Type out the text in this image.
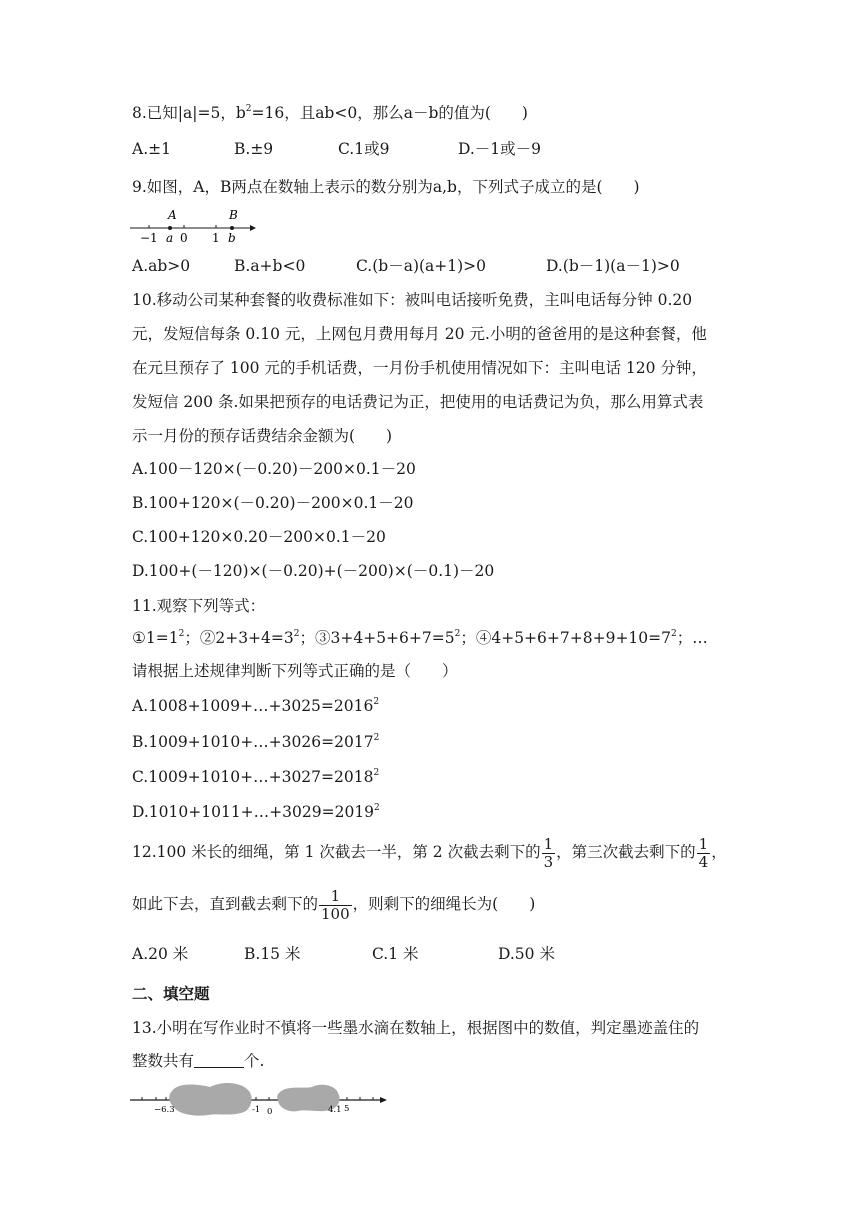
8.已知|a|=5，$b^2=16$，且ab<0，那么a－b的值为(　　)
A.±1	B.±9	C.1或9	D.－1或－9
9.如图，A，B两点在数轴上表示的数分别为a,b，下列式子成立的是(　　)
A	B
−1 a 0 1 b
A.ab>0	B.a+b<0	C.(b－a)(a+1)>0	D.(b－1)(a－1)>0
10.移动公司某种套餐的收费标准如下：被叫电话接听免费，主叫电话每分钟 0.20
元，发短信每条 0.10 元，上网包月费用每月 20 元.小明的爸爸用的是这种套餐，他
在元旦预存了 100 元的手机话费，一月份手机使用情况如下：主叫电话 120 分钟，
发短信 200 条.如果把预存的电话费记为正，把使用的电话费记为负，那么用算式表
示一月份的预存话费结余金额为(　　)
A.100－120×(－0.20)－200×0.1－20
B.100+120×(－0.20)－200×0.1－20
C.100+120×0.20－200×0.1－20
D.100+(－120)×(－0.20)+(－200)×(－0.1)－20
11.观察下列等式：
$①1=1^2$；$②2+3+4=3^2$；$③3+4+5+6+7=5^2$；$④4+5+6+7+8+9+10=7^2$；…
请根据上述规律判断下列等式正确的是（　　）
$A.1008+1009+\dots+3025=2016^2$
$B.1009+1010+\dots+3026=2017^2$
$C.1009+1010+\dots+3027=2018^2$
$D.1010+1011+\dots+3029=2019^2$
12.100 米长的细绳，第 1 次截去一半，第 2 次截去剩下的 $\frac{1}{3}$ ，第三次截去剩下的 $\frac{1}{4}$ ，
如此下去，直到截去剩下的 $\frac{1}{100}$ ，则剩下的细绳长为(　　)
A.20 米	B.15 米	C.1 米	D.50 米
二、填空题
13.小明在写作业时不慎将一些墨水滴在数轴上，根据图中的数值，判定墨迹盖住的
整数共有	个.
−6.3	-1 0	4.1 5
